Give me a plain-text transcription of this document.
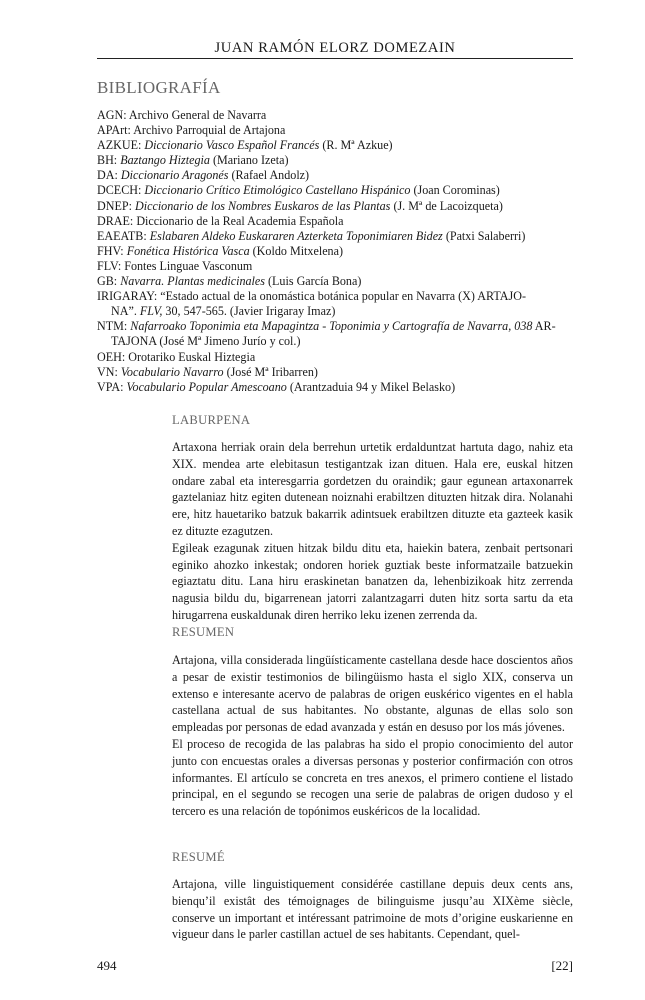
JUAN RAMÓN ELORZ DOMEZAIN
BIBLIOGRAFÍA

AGN: Archivo General de Navarra

APArt: Archivo Parroquial de Artajona

AZKUE: Diccionario Vasco Español Francés (R. Mª Azkue)

BH: Baztango Hiztegia (Mariano Izeta)

DA: Diccionario Aragonés (Rafael Andolz)

DCECH: Diccionario Crítico Etimológico Castellano Hispánico (Joan Corominas)

DNEP: Diccionario de los Nombres Euskaros de las Plantas (J. Mª de Lacoizqueta)

DRAE: Diccionario de la Real Academia Española

EAEATB: Eslabaren Aldeko Euskararen Azterketa Toponimiaren Bidez (Patxi Salaberri)

FHV: Fonética Histórica Vasca (Koldo Mitxelena)

FLV: Fontes Linguae Vasconum

GB: Navarra. Plantas medicinales (Luis García Bona)

IRIGARAY: “Estado actual de la onomástica botánica popular en Navarra (X) ARTAJO-
NA”. FLV, 30, 547-565. (Javier Irigaray Imaz)

NTM: Nafarroako Toponimia eta Mapagintza - Toponimia y Cartografía de Navarra, 038 AR-
TAJONA (José Mª Jimeno Jurío y col.)

OEH: Orotariko Euskal Hiztegia

VN: Vocabulario Navarro (José Mª Iribarren)

VPA: Vocabulario Popular Amescoano (Arantzaduia 94 y Mikel Belasko)

LABURPENA

Artaxona herriak orain dela berrehun urtetik erdalduntzat hartuta dago, nahiz eta XIX. mendea arte elebitasun testigantzak izan dituen. Hala ere, euskal hitzen ondare zabal eta interesgarria gordetzen du oraindik; gaur egunean artaxonarrek gaztelaniaz hitz egiten dutenean noiznahi erabiltzen dituzten hitzak dira. Nolanahi ere, hitz hauetariko batzuk bakarrik adintsuek erabiltzen dituzte eta gazteek kasik ez dituzte ezagutzen.

Egileak ezagunak zituen hitzak bildu ditu eta, haiekin batera, zenbait pertsonari eginiko ahozko inkestak; ondoren horiek guztiak beste informatzaile batzuekin egiaztatu ditu. Lana hiru eraskinetan banatzen da, lehenbizikoak hitz zerrenda nagusia bildu du, bigarrenean jatorri zalantzagarri duten hitz sorta sartu da eta hirugarrena euskaldunak diren herriko leku izenen zerrenda da.

RESUMEN

Artajona, villa considerada lingüísticamente castellana desde hace doscientos años a pesar de existir testimonios de bilingüismo hasta el siglo XIX, conserva un extenso e interesante acervo de palabras de origen euskérico vigentes en el habla castellana actual de sus habitantes. No obstante, algunas de ellas solo son empleadas por personas de edad avanzada y están en desuso por los más jóvenes.

El proceso de recogida de las palabras ha sido el propio conocimiento del autor junto con encuestas orales a diversas personas y posterior confirmación con otros informantes. El artículo se concreta en tres anexos, el primero contiene el listado principal, en el segundo se recogen una serie de palabras de origen dudoso y el tercero es una relación de topónimos euskéricos de la localidad.

RESUMÉ

Artajona, ville linguistiquement considérée castillane depuis deux cents ans, bienqu’il existât des témoignages de bilinguisme jusqu’au XIXème siècle, conserve un important et intéressant patrimoine de mots d’origine euskarienne en vigueur dans le parler castillan actuel de ses habitants. Cependant, quel-

494	[22]
